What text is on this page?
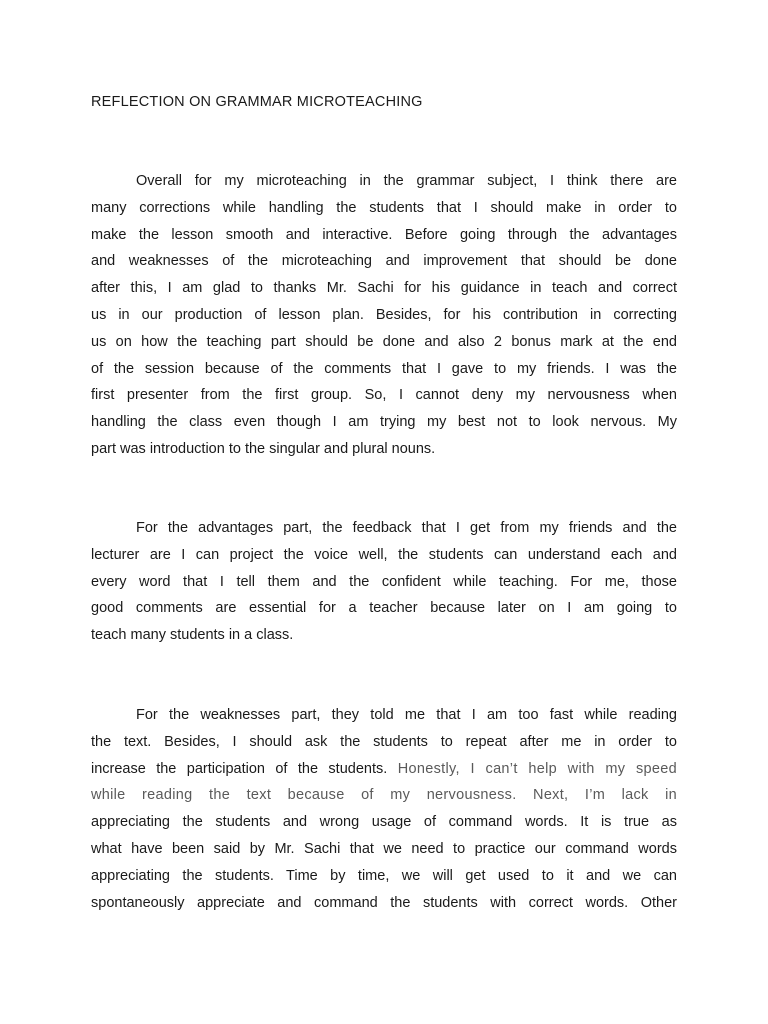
REFLECTION ON GRAMMAR MICROTEACHING
Overall for my microteaching in the grammar subject, I think there are
many corrections while handling the students that I should make in order to
make the lesson smooth and interactive. Before going through the advantages
and weaknesses of the microteaching and improvement that should be done
after this, I am glad to thanks Mr. Sachi for his guidance in teach and correct
us in our production of lesson plan. Besides, for his contribution in correcting
us on how the teaching part should be done and also 2 bonus mark at the end
of the session because of the comments that I gave to my friends. I was the
first presenter from the first group. So, I cannot deny my nervousness when
handling the class even though I am trying my best not to look nervous. My
part was introduction to the singular and plural nouns.
For the advantages part, the feedback that I get from my friends and the
lecturer are I can project the voice well, the students can understand each and
every word that I tell them and the confident while teaching. For me, those
good comments are essential for a teacher because later on I am going to
teach many students in a class.
For the weaknesses part, they told me that I am too fast while reading
the text. Besides, I should ask the students to repeat after me in order to
increase the participation of the students. Honestly, I can’t help with my speed
while reading the text because of my nervousness. Next, I’m lack in
appreciating the students and wrong usage of command words. It is true as
what have been said by Mr. Sachi that we need to practice our command words
appreciating the students. Time by time, we will get used to it and we can
spontaneously appreciate and command the students with correct words. Other
